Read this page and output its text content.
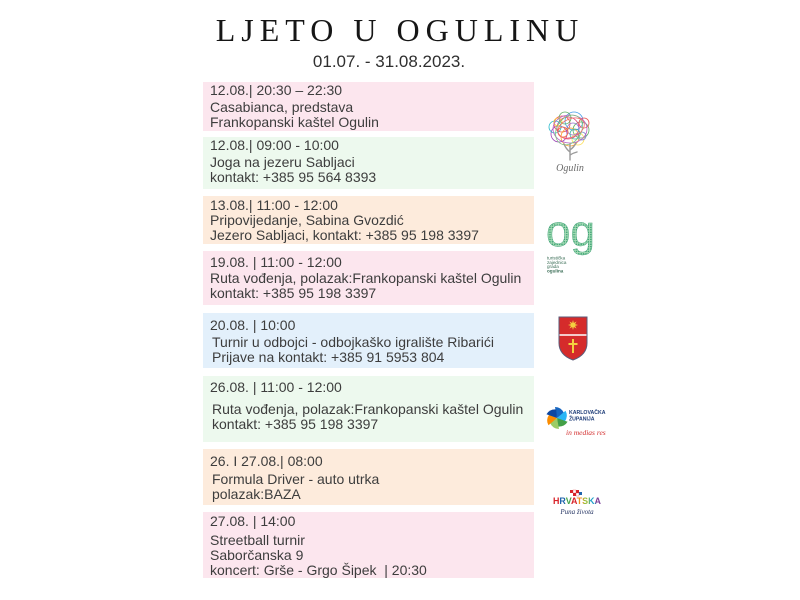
LJETO U OGULINU
01.07. - 31.08.2023.
12.08.| 20:30 – 22:30
Casabianca, predstava
Frankopanski kaštel Ogulin
12.08.| 09:00 - 10:00
Joga na jezeru Sabljaci
kontakt: +385 95 564 8393
13.08.| 11:00 - 12:00
Pripovijedanje, Sabina Gvozdić
Jezero Sabljaci, kontakt: +385 95 198 3397
19.08. | 11:00 - 12:00
Ruta vođenja, polazak:Frankopanski kaštel Ogulin
kontakt: +385 95 198 3397
20.08. | 10:00
Turnir u odbojci - odbojkaško igralište Ribarići
Prijave na kontakt: +385 91 5953 804
26.08. | 11:00 - 12:00
Ruta vođenja, polazak:Frankopanski kaštel Ogulin
kontakt: +385 95 198 3397
26. I 27.08.| 08:00
Formula Driver - auto utrka
polazak:BAZA
27.08. | 14:00
Streetball turnir
Saborčanska 9
koncert: Grše - Grgo Šipek  | 20:30
Ogulin
og
turistička
zajednica
grada
ogulina
KARLOVAČKA
ŽUPANIJA
in medias res
HRVATSKA
Puna života
